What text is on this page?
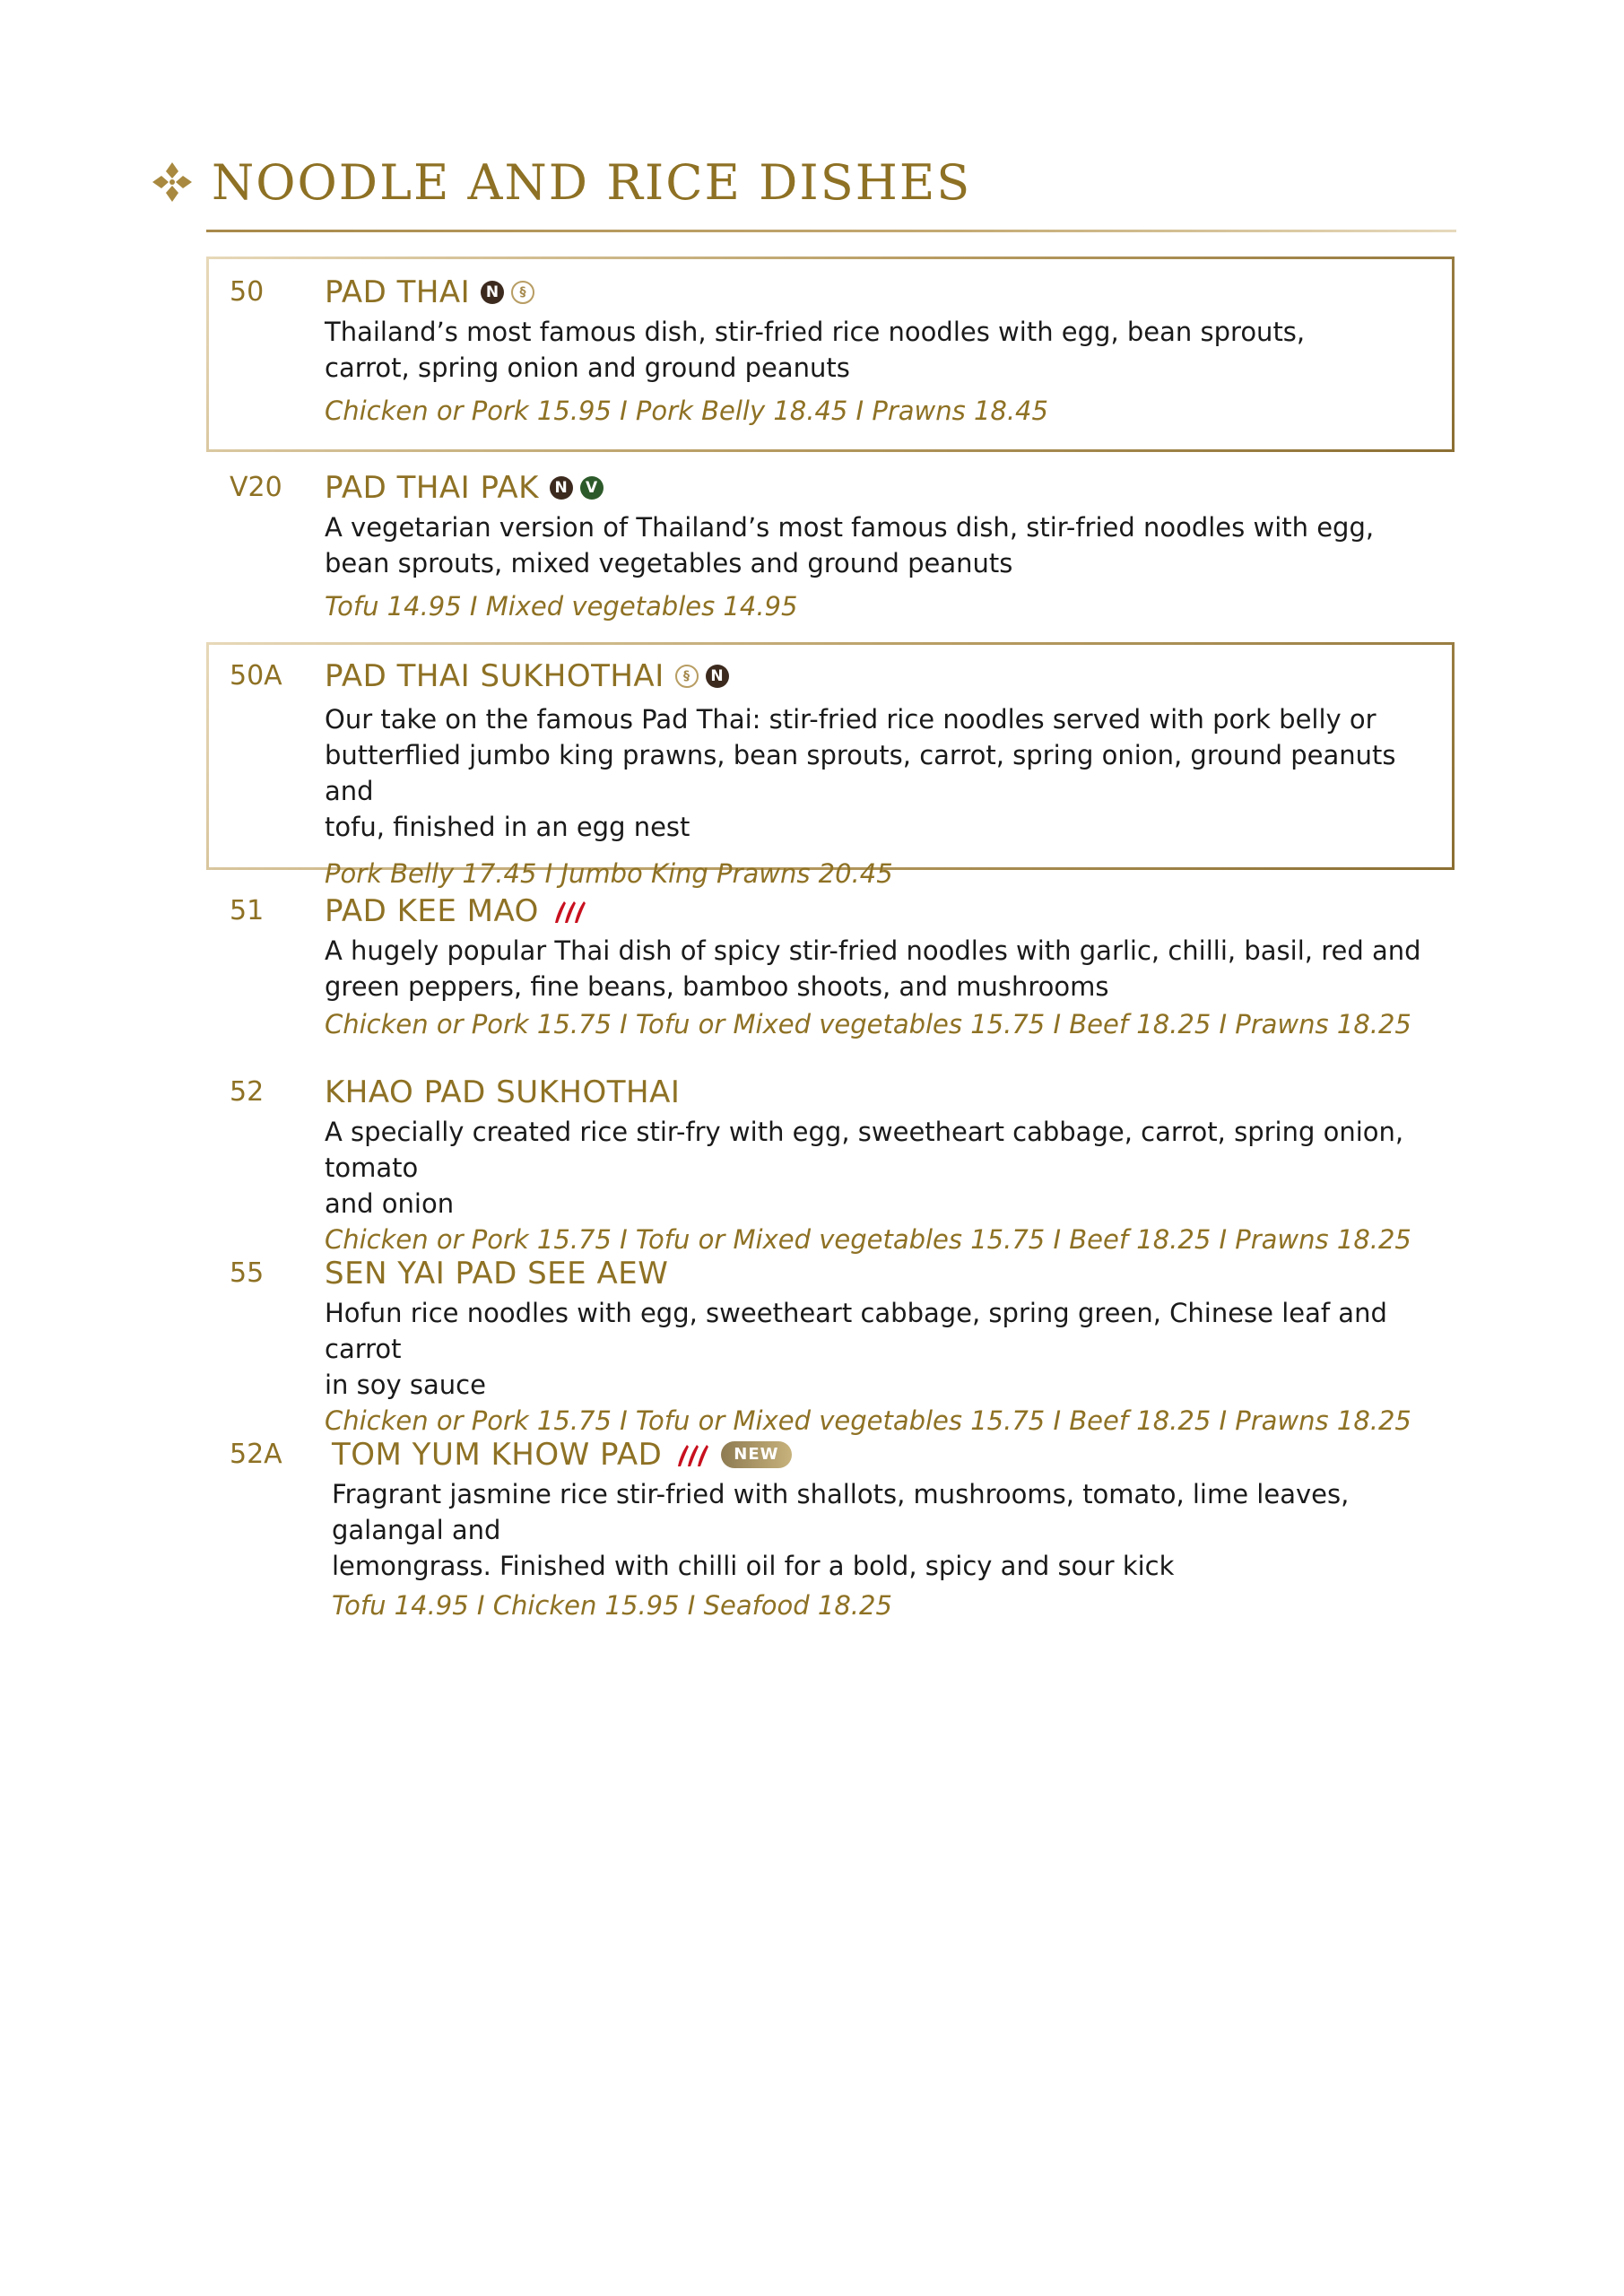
NOODLE AND RICE DISHES
50 PAD THAI	N	§
Thailand’s most famous dish, stir-fried rice noodles with egg, bean sprouts,
carrot, spring onion and ground peanuts
Chicken or Pork 15.95 I Pork Belly 18.45 I Prawns 18.45
V20 PAD THAI PAK	N	V
A vegetarian version of Thailand’s most famous dish, stir-fried noodles with egg,
bean sprouts, mixed vegetables and ground peanuts
Tofu 14.95 I Mixed vegetables 14.95
50A PAD THAI SUKHOTHAI	§	N
Our take on the famous Pad Thai: stir-fried rice noodles served with pork belly or
butterflied jumbo king prawns, bean sprouts, carrot, spring onion, ground peanuts and
tofu, finished in an egg nest
Pork Belly 17.45 I Jumbo King Prawns 20.45
51 PAD KEE MAO
A hugely popular Thai dish of spicy stir-fried noodles with garlic, chilli, basil, red and
green peppers, fine beans, bamboo shoots, and mushrooms
Chicken or Pork 15.75 I Tofu or Mixed vegetables 15.75 I Beef 18.25 I Prawns 18.25
52 KHAO PAD SUKHOTHAI
A specially created rice stir-fry with egg, sweetheart cabbage, carrot, spring onion, tomato
and onion
Chicken or Pork 15.75 I Tofu or Mixed vegetables 15.75 I Beef 18.25 I Prawns 18.25
55 SEN YAI PAD SEE AEW
Hofun rice noodles with egg, sweetheart cabbage, spring green, Chinese leaf and carrot
in soy sauce
Chicken or Pork 15.75 I Tofu or Mixed vegetables 15.75 I Beef 18.25 I Prawns 18.25
52A TOM YUM KHOW PAD	NEW
Fragrant jasmine rice stir-fried with shallots, mushrooms, tomato, lime leaves, galangal and
lemongrass. Finished with chilli oil for a bold, spicy and sour kick
Tofu 14.95 I Chicken 15.95 I Seafood 18.25
